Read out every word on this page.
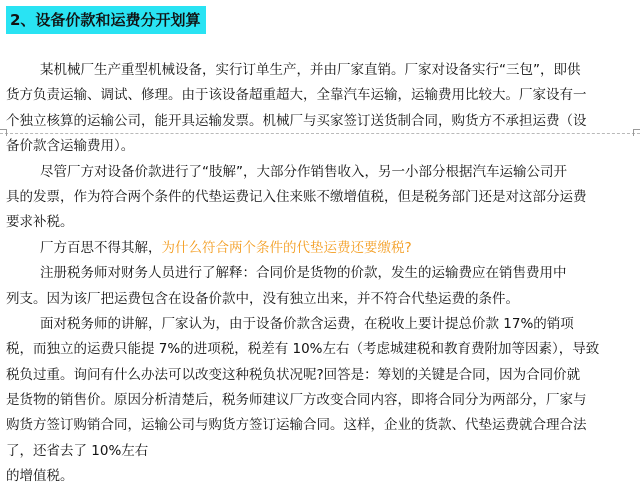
2、设备价款和运费分开划算
某机械厂生产重型机械设备，实行订单生产，并由厂家直销。厂家对设备实行“三包”，即供
货方负责运输、调试、修理。由于该设备超重超大，全靠汽车运输，运输费用比较大。厂家设有一
个独立核算的运输公司，能开具运输发票。机械厂与买家签订送货制合同，购货方不承担运费（设
备价款含运输费用）。
尽管厂方对设备价款进行了“肢解”，大部分作销售收入，另一小部分根据汽车运输公司开
具的发票，作为符合两个条件的代垫运费记入住来账不缴增值税，但是税务部门还是对这部分运费
要求补税。
厂方百思不得其解，为什么符合两个条件的代垫运费还要缴税?
注册税务师对财务人员进行了解释：合同价是货物的价款，发生的运输费应在销售费用中
列支。因为该厂把运费包含在设备价款中，没有独立出来，并不符合代垫运费的条件。
面对税务师的讲解，厂家认为，由于设备价款含运费，在税收上要计提总价款 17%的销项
税，而独立的运费只能提 7%的进项税，税差有 10%左右（考虑城建税和教育费附加等因素），导致
税负过重。询问有什么办法可以改变这种税负状况呢?回答是：筹划的关键是合同，因为合同价就
是货物的销售价。原因分析清楚后，税务师建议厂方改变合同内容，即将合同分为两部分，厂家与
购货方签订购销合同，运输公司与购货方签订运输合同。这样，企业的货款、代垫运费就合理合法
了，还省去了 10%左右
的增值税。
